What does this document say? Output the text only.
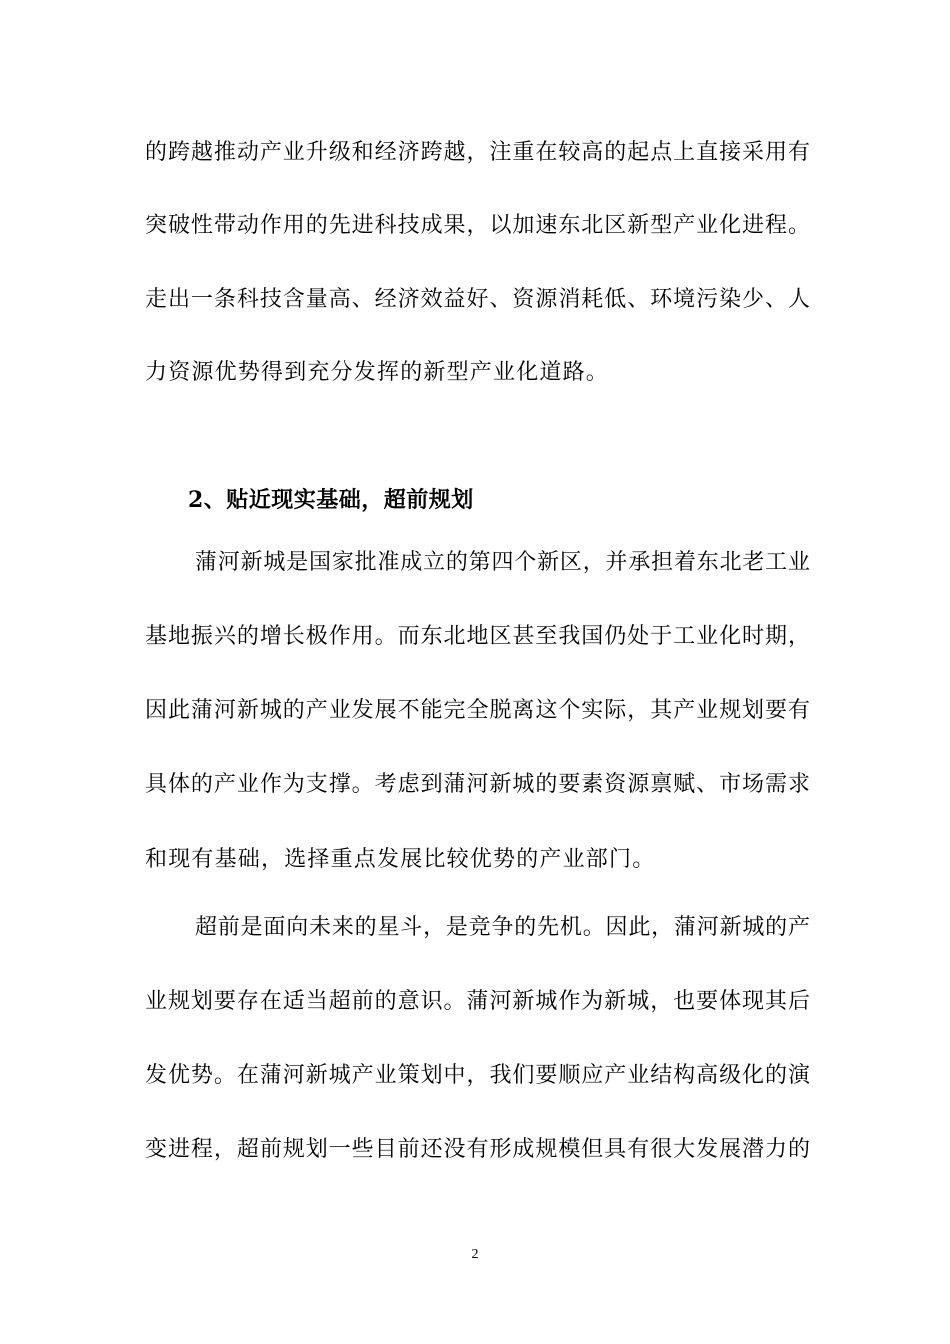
的跨越推动产业升级和经济跨越，注重在较高的起点上直接采用有
突破性带动作用的先进科技成果，以加速东北区新型产业化进程。
走出一条科技含量高、经济效益好、资源消耗低、环境污染少、人
力资源优势得到充分发挥的新型产业化道路。
2、贴近现实基础，超前规划
蒲河新城是国家批准成立的第四个新区，并承担着东北老工业
基地振兴的增长极作用。而东北地区甚至我国仍处于工业化时期，
因此蒲河新城的产业发展不能完全脱离这个实际，其产业规划要有
具体的产业作为支撑。考虑到蒲河新城的要素资源禀赋、市场需求
和现有基础，选择重点发展比较优势的产业部门。
超前是面向未来的星斗，是竞争的先机。因此，蒲河新城的产
业规划要存在适当超前的意识。蒲河新城作为新城，也要体现其后
发优势。在蒲河新城产业策划中，我们要顺应产业结构高级化的演
变进程，超前规划一些目前还没有形成规模但具有很大发展潜力的
2
